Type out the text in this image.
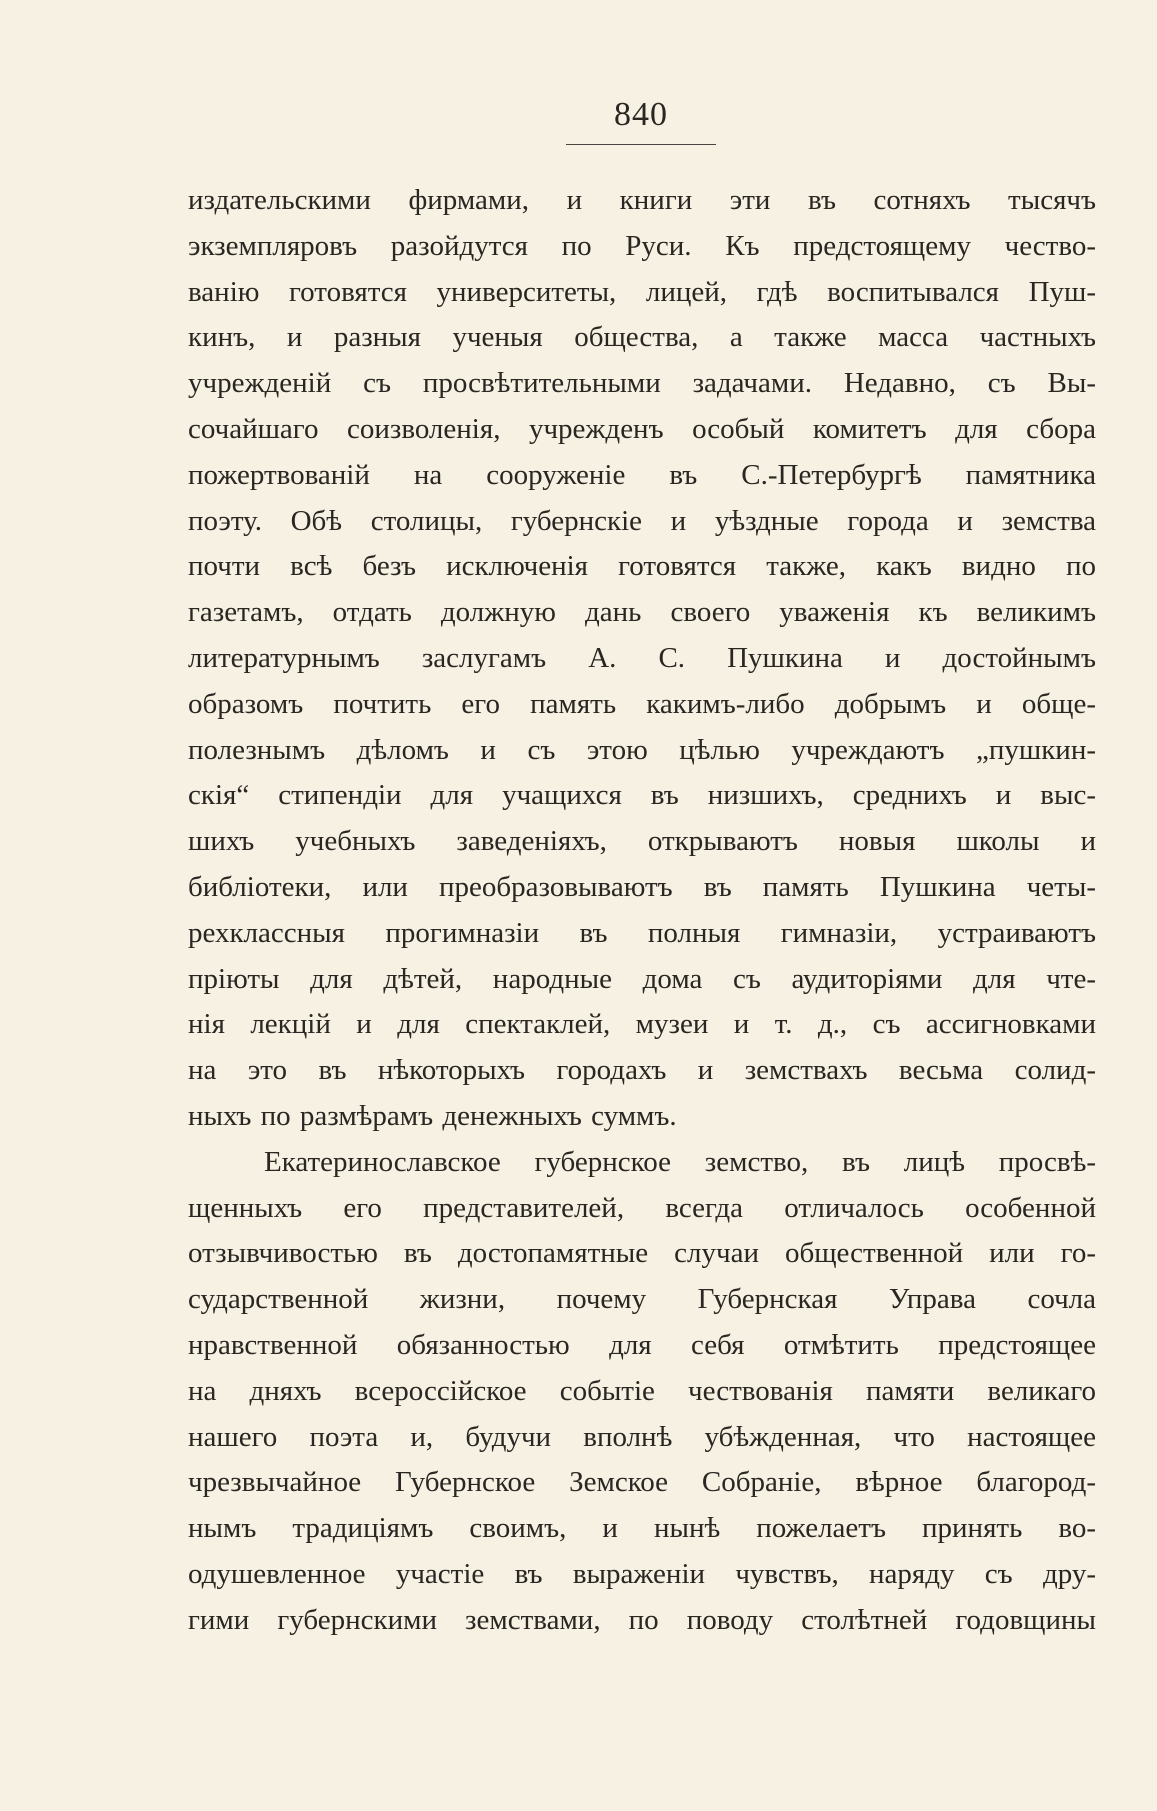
840
издательскими фирмами, и книги эти въ сотняхъ тысячъ
экземпляровъ разойдутся по Руси. Къ предстоящему чество-
ванію готовятся университеты, лицей, гдѣ воспитывался Пуш-
кинъ, и разныя ученыя общества, а также масса частныхъ
учрежденій съ просвѣтительными задачами. Недавно, съ Вы-
сочайшаго соизволенія, учрежденъ особый комитетъ для сбора
пожертвованій на сооруженіе въ С.-Петербургѣ памятника
поэту. Обѣ столицы, губернскіе и уѣздные города и земства
почти всѣ безъ исключенія готовятся также, какъ видно по
газетамъ, отдать должную дань своего уваженія къ великимъ
литературнымъ заслугамъ А. С. Пушкина и достойнымъ
образомъ почтить его память какимъ-либо добрымъ и обще-
полезнымъ дѣломъ и съ этою цѣлью учреждаютъ „пушкин-
скія“ стипендіи для учащихся въ низшихъ, среднихъ и выс-
шихъ учебныхъ заведеніяхъ, открываютъ новыя школы и
библіотеки, или преобразовываютъ въ память Пушкина четы-
рехклассныя прогимназіи въ полныя гимназіи, устраиваютъ
пріюты для дѣтей, народные дома съ аудиторіями для чте-
нія лекцій и для спектаклей, музеи и т. д., съ ассигновками
на это въ нѣкоторыхъ городахъ и земствахъ весьма солид-
ныхъ по размѣрамъ денежныхъ суммъ.
Екатеринославское губернское земство, въ лицѣ просвѣ-
щенныхъ его представителей, всегда отличалось особенной
отзывчивостью въ достопамятные случаи общественной или го-
сударственной жизни, почему Губернская Управа сочла
нравственной обязанностью для себя отмѣтить предстоящее
на дняхъ всероссійское событіе чествованія памяти великаго
нашего поэта и, будучи вполнѣ убѣжденная, что настоящее
чрезвычайное Губернское Земское Собраніе, вѣрное благород-
нымъ традиціямъ своимъ, и нынѣ пожелаетъ принять во-
одушевленное участіе въ выраженіи чувствъ, наряду съ дру-
гими губернскими земствами, по поводу столѣтней годовщины
